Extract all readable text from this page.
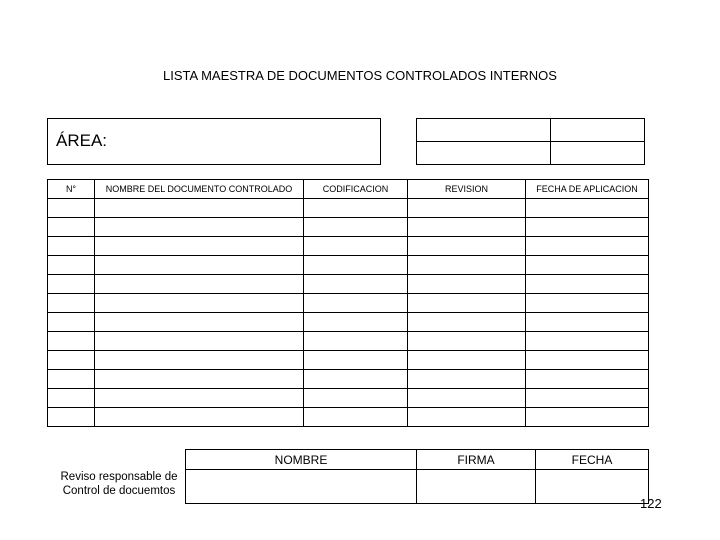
LISTA MAESTRA DE DOCUMENTOS CONTROLADOS INTERNOS
ÁREA:

N°	NOMBRE DEL DOCUMENTO CONTROLADO	CODIFICACION	REVISION	FECHA DE APLICACION

NOMBRE	FIRMA	FECHA

Reviso responsable de
Control de docuemtos
122
